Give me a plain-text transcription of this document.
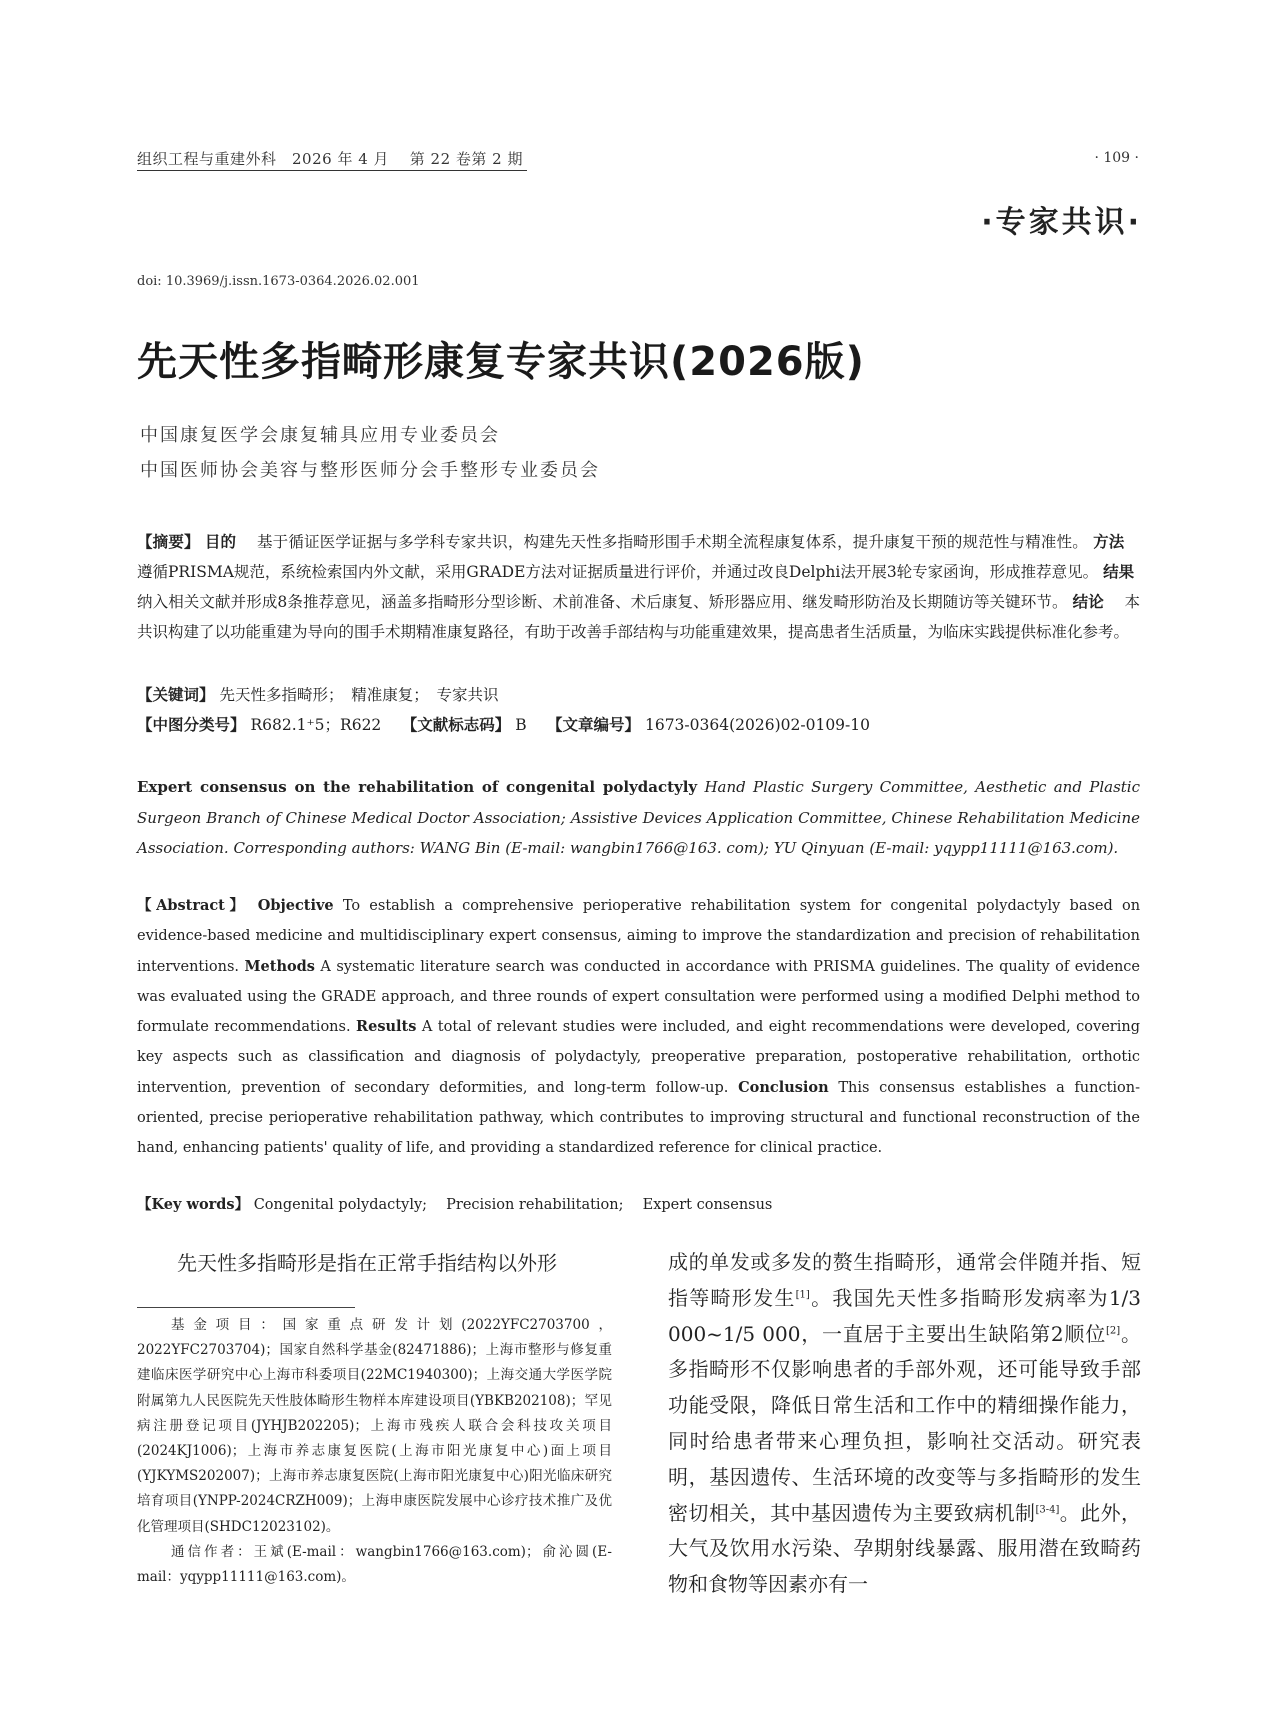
组织工程与重建外科　2026 年 4 月　 第 22 卷第 2 期	· 109 ·
·专家共识·
doi: 10.3969/j.issn.1673-0364.2026.02.001
先天性多指畸形康复专家共识(2026版)
中国康复医学会康复辅具应用专业委员会
中国医师协会美容与整形医师分会手整形专业委员会
【摘要】 目的　 基于循证医学证据与多学科专家共识，构建先天性多指畸形围手术期全流程康复体系，提升康复干预的规范性与精准性。 方法　 遵循PRISMA规范，系统检索国内外文献，采用GRADE方法对证据质量进行评价，并通过改良Delphi法开展3轮专家函询，形成推荐意见。 结果　 纳入相关文献并形成8条推荐意见，涵盖多指畸形分型诊断、术前准备、术后康复、矫形器应用、继发畸形防治及长期随访等关键环节。 结论　 本共识构建了以功能重建为导向的围手术期精准康复路径，有助于改善手部结构与功能重建效果，提高患者生活质量，为临床实践提供标准化参考。
【关键词】 先天性多指畸形；　精准康复；　专家共识
【中图分类号】 R682.1⁺5；R622　 【文献标志码】 B　 【文章编号】 1673-0364(2026)02-0109-10
Expert consensus on the rehabilitation of congenital polydactyly Hand Plastic Surgery Committee, Aesthetic and Plastic Surgeon Branch of Chinese Medical Doctor Association; Assistive Devices Application Committee, Chinese Rehabilitation Medicine Association. Corresponding authors: WANG Bin (E-mail: wangbin1766@163. com); YU Qinyuan (E-mail: yqypp11111@163.com).
【Abstract】 Objective To establish a comprehensive perioperative rehabilitation system for congenital polydactyly based on evidence-based medicine and multidisciplinary expert consensus, aiming to improve the standardization and precision of rehabilitation interventions. Methods A systematic literature search was conducted in accordance with PRISMA guidelines. The quality of evidence was evaluated using the GRADE approach, and three rounds of expert consultation were performed using a modified Delphi method to formulate recommendations. Results A total of relevant studies were included, and eight recommendations were developed, covering key aspects such as classification and diagnosis of polydactyly, preoperative preparation, postoperative rehabilitation, orthotic intervention, prevention of secondary deformities, and long-term follow-up. Conclusion This consensus establishes a function-oriented, precise perioperative rehabilitation pathway, which contributes to improving structural and functional reconstruction of the hand, enhancing patients' quality of life, and providing a standardized reference for clinical practice.
【Key words】 Congenital polydactyly;　 Precision rehabilitation;　 Expert consensus
先天性多指畸形是指在正常手指结构以外形

基金项目：国家重点研发计划(2022YFC2703700，2022YFC2703704)；国家自然科学基金(82471886)；上海市整形与修复重建临床医学研究中心上海市科委项目(22MC1940300)；上海交通大学医学院附属第九人民医院先天性肢体畸形生物样本库建设项目(YBKB202108)；罕见病注册登记项目(JYHJB202205)；上海市残疾人联合会科技攻关项目(2024KJ1006)；上海市养志康复医院(上海市阳光康复中心)面上项目(YJKYMS202007)；上海市养志康复医院(上海市阳光康复中心)阳光临床研究培育项目(YNPP-2024CRZH009)；上海申康医院发展中心诊疗技术推广及优化管理项目(SHDC12023102)。

通信作者：王斌(E-mail：wangbin1766@163.com)；俞沁圆(E-mail：yqypp11111@163.com)。

成的单发或多发的赘生指畸形，通常会伴随并指、短指等畸形发生[1]。我国先天性多指畸形发病率为1/3 000~1/5 000，一直居于主要出生缺陷第2顺位[2]。多指畸形不仅影响患者的手部外观，还可能导致手部功能受限，降低日常生活和工作中的精细操作能力，同时给患者带来心理负担，影响社交活动。研究表明，基因遗传、生活环境的改变等与多指畸形的发生密切相关，其中基因遗传为主要致病机制[3-4]。此外，大气及饮用水污染、孕期射线暴露、服用潜在致畸药物和食物等因素亦有一
